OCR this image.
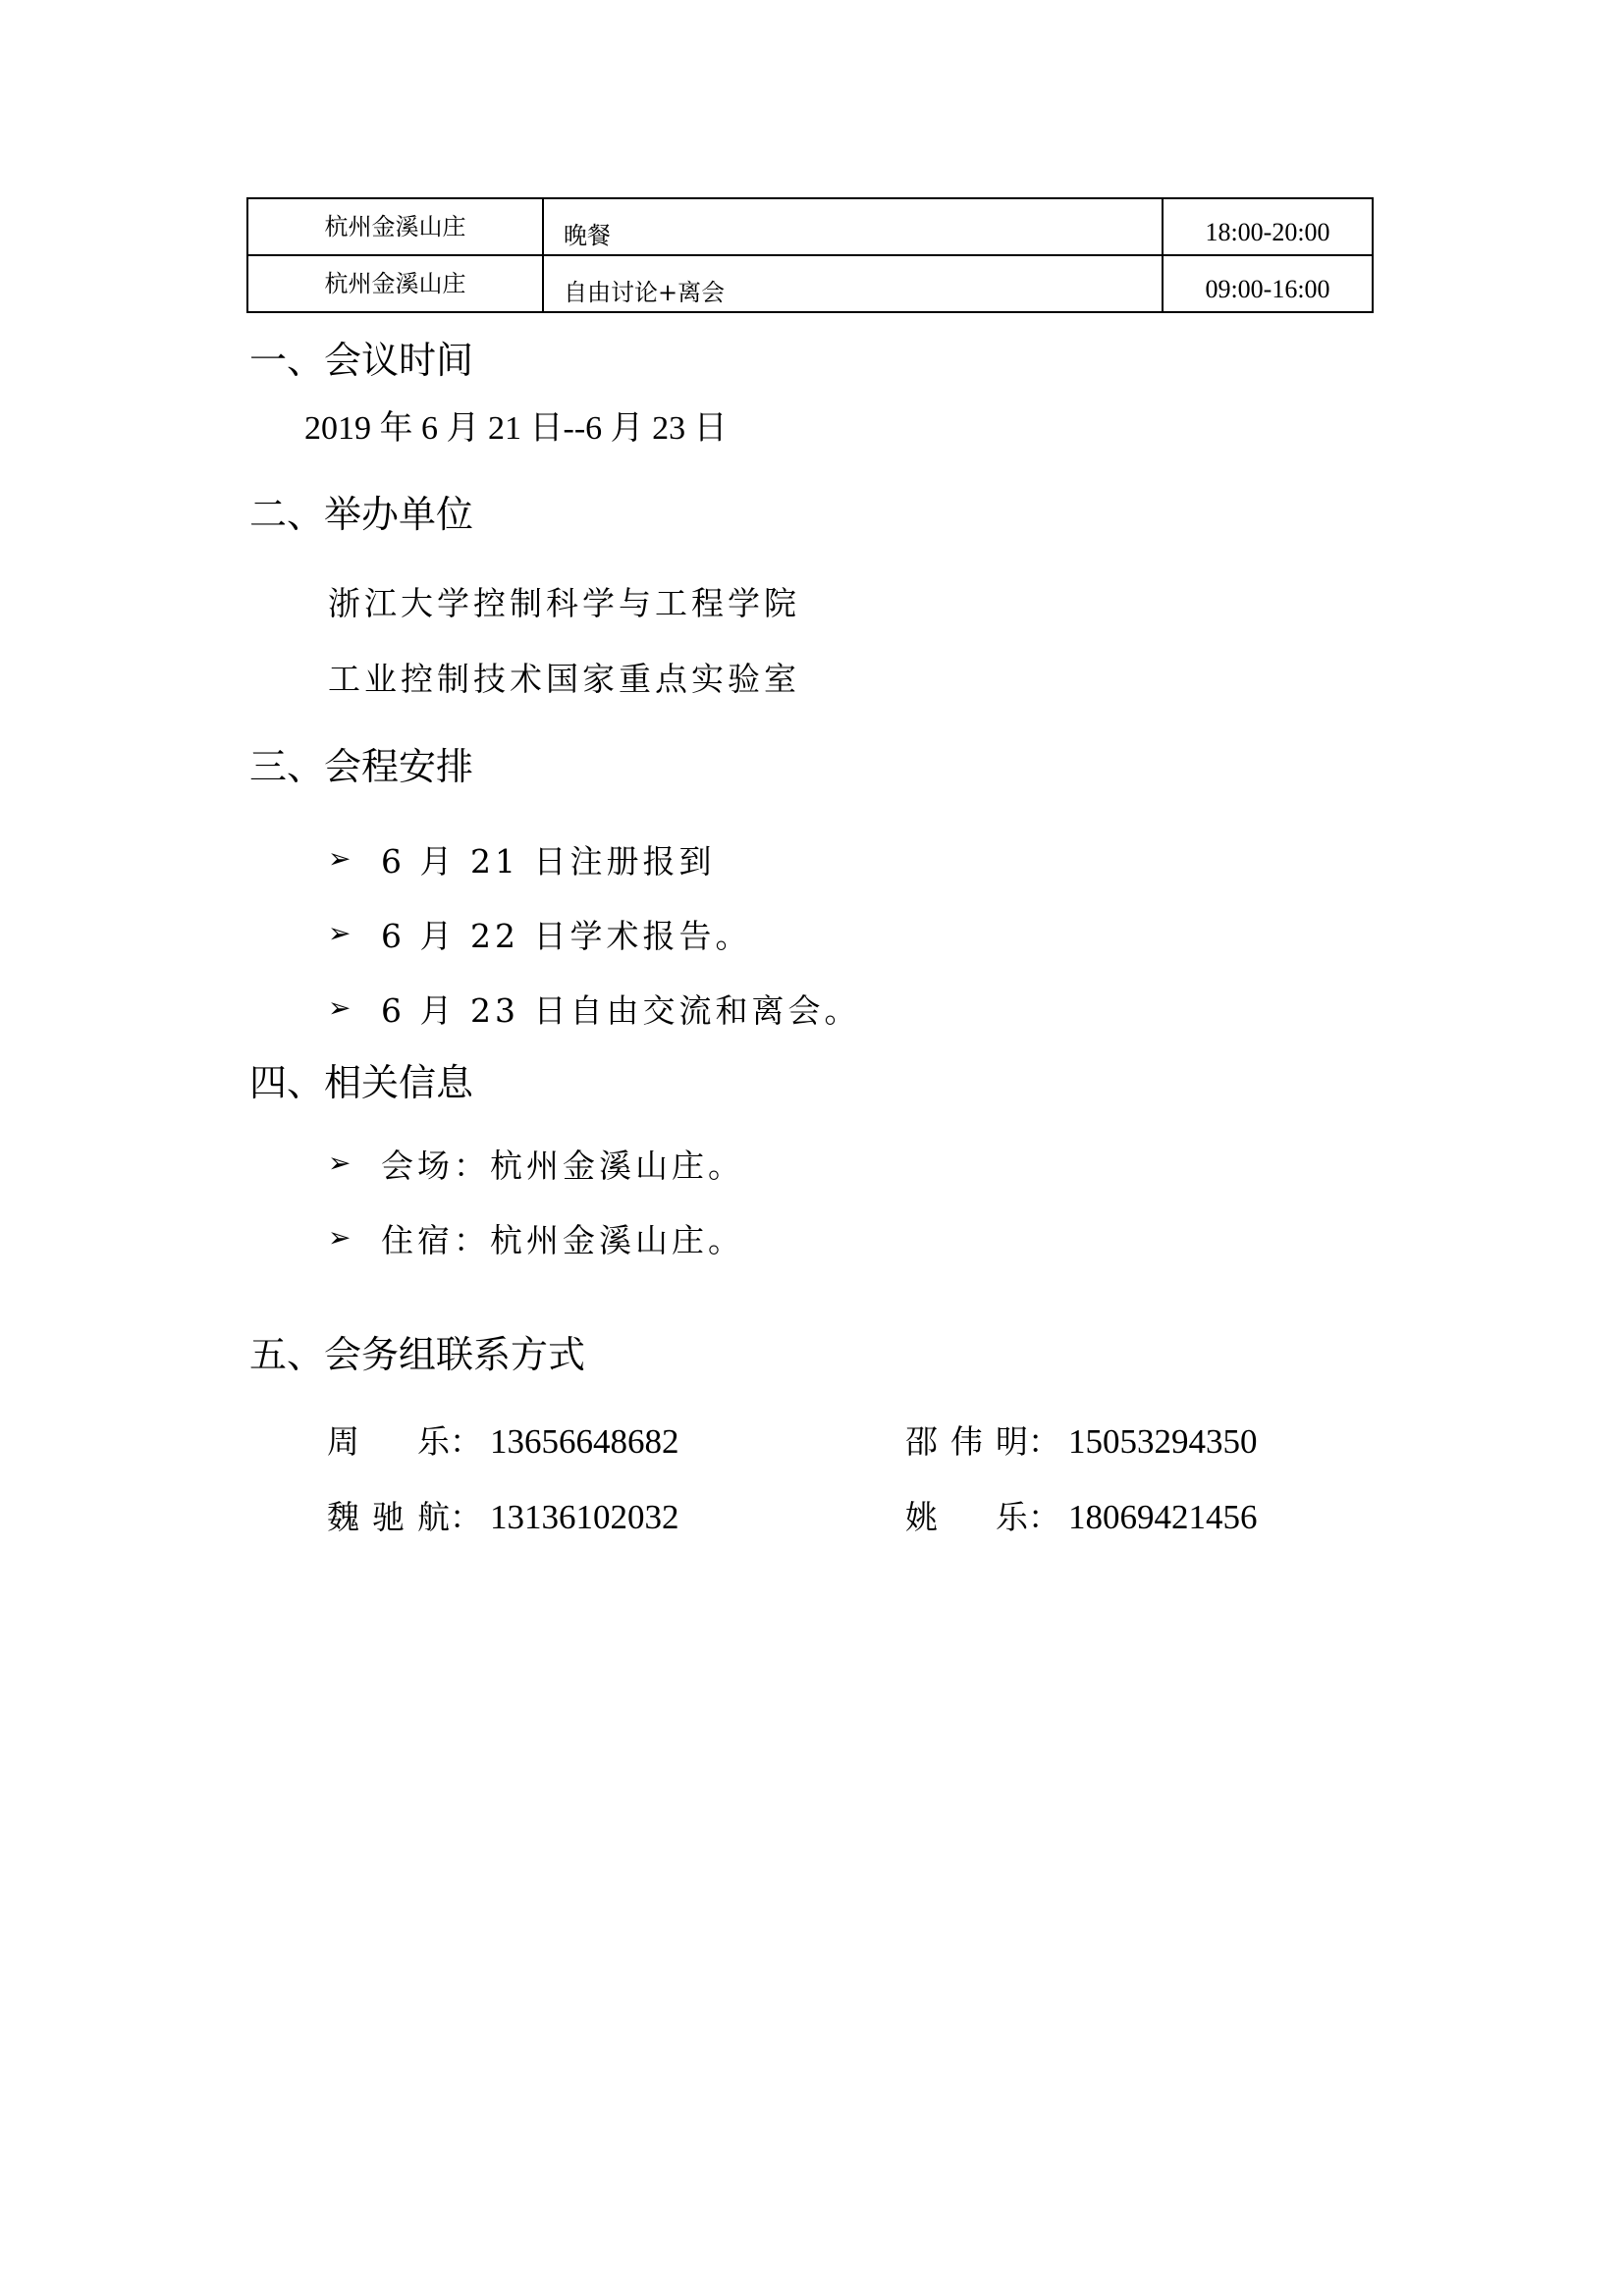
杭州金溪山庄	晚餐	18:00-20:00
杭州金溪山庄	自由讨论+离会	09:00-16:00
一、会议时间
2019 年 6 月 21 日--6 月 23 日
二、举办单位
浙江大学控制科学与工程学院
工业控制技术国家重点实验室
三、会程安排
➢ 6 月 21 日注册报到
➢ 6 月 22 日学术报告。
➢ 6 月 23 日自由交流和离会。
四、相关信息
➢ 会场：杭州金溪山庄。
➢ 住宿：杭州金溪山庄。
五、会务组联系方式
周乐 ： 13656648682	邵伟明 ： 15053294350
魏驰航 ： 13136102032	姚乐 ： 18069421456
